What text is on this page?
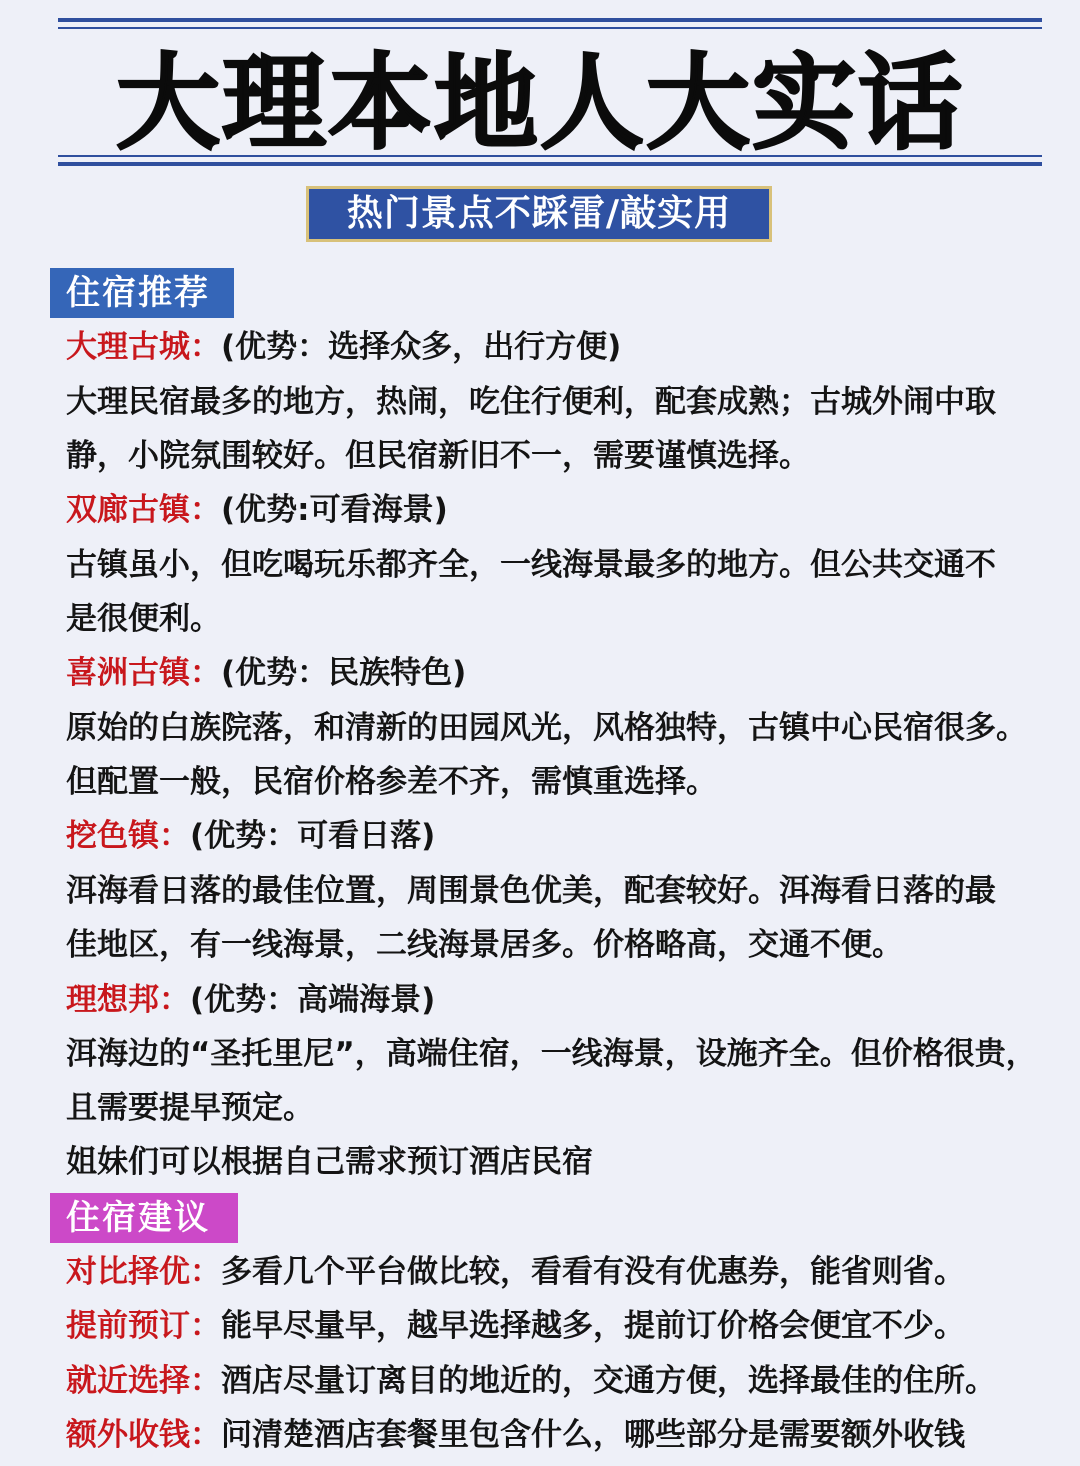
大理本地人大实话
热门景点不踩雷/敲实用
住宿推荐
大理古城：(优势：选择众多，出行方便)
大理民宿最多的地方，热闹，吃住行便利，配套成熟；古城外闹中取
静，小院氛围较好。但民宿新旧不一，需要谨慎选择。
双廊古镇：(优势:可看海景)
古镇虽小，但吃喝玩乐都齐全，一线海景最多的地方。但公共交通不
是很便利。
喜洲古镇：(优势：民族特色)
原始的白族院落，和清新的田园风光，风格独特，古镇中心民宿很多。
但配置一般，民宿价格参差不齐，需慎重选择。
挖色镇：(优势：可看日落)
洱海看日落的最佳位置，周围景色优美，配套较好。洱海看日落的最
佳地区，有一线海景，二线海景居多。价格略高，交通不便。
理想邦：(优势：高端海景)
洱海边的“圣托里尼”，高端住宿，一线海景，设施齐全。但价格很贵，
且需要提早预定。
姐妹们可以根据自己需求预订酒店民宿
住宿建议
对比择优：多看几个平台做比较，看看有没有优惠券，能省则省。
提前预订：能早尽量早，越早选择越多，提前订价格会便宜不少。
就近选择：酒店尽量订离目的地近的，交通方便，选择最佳的住所。
额外收钱：问清楚酒店套餐里包含什么，哪些部分是需要额外收钱
